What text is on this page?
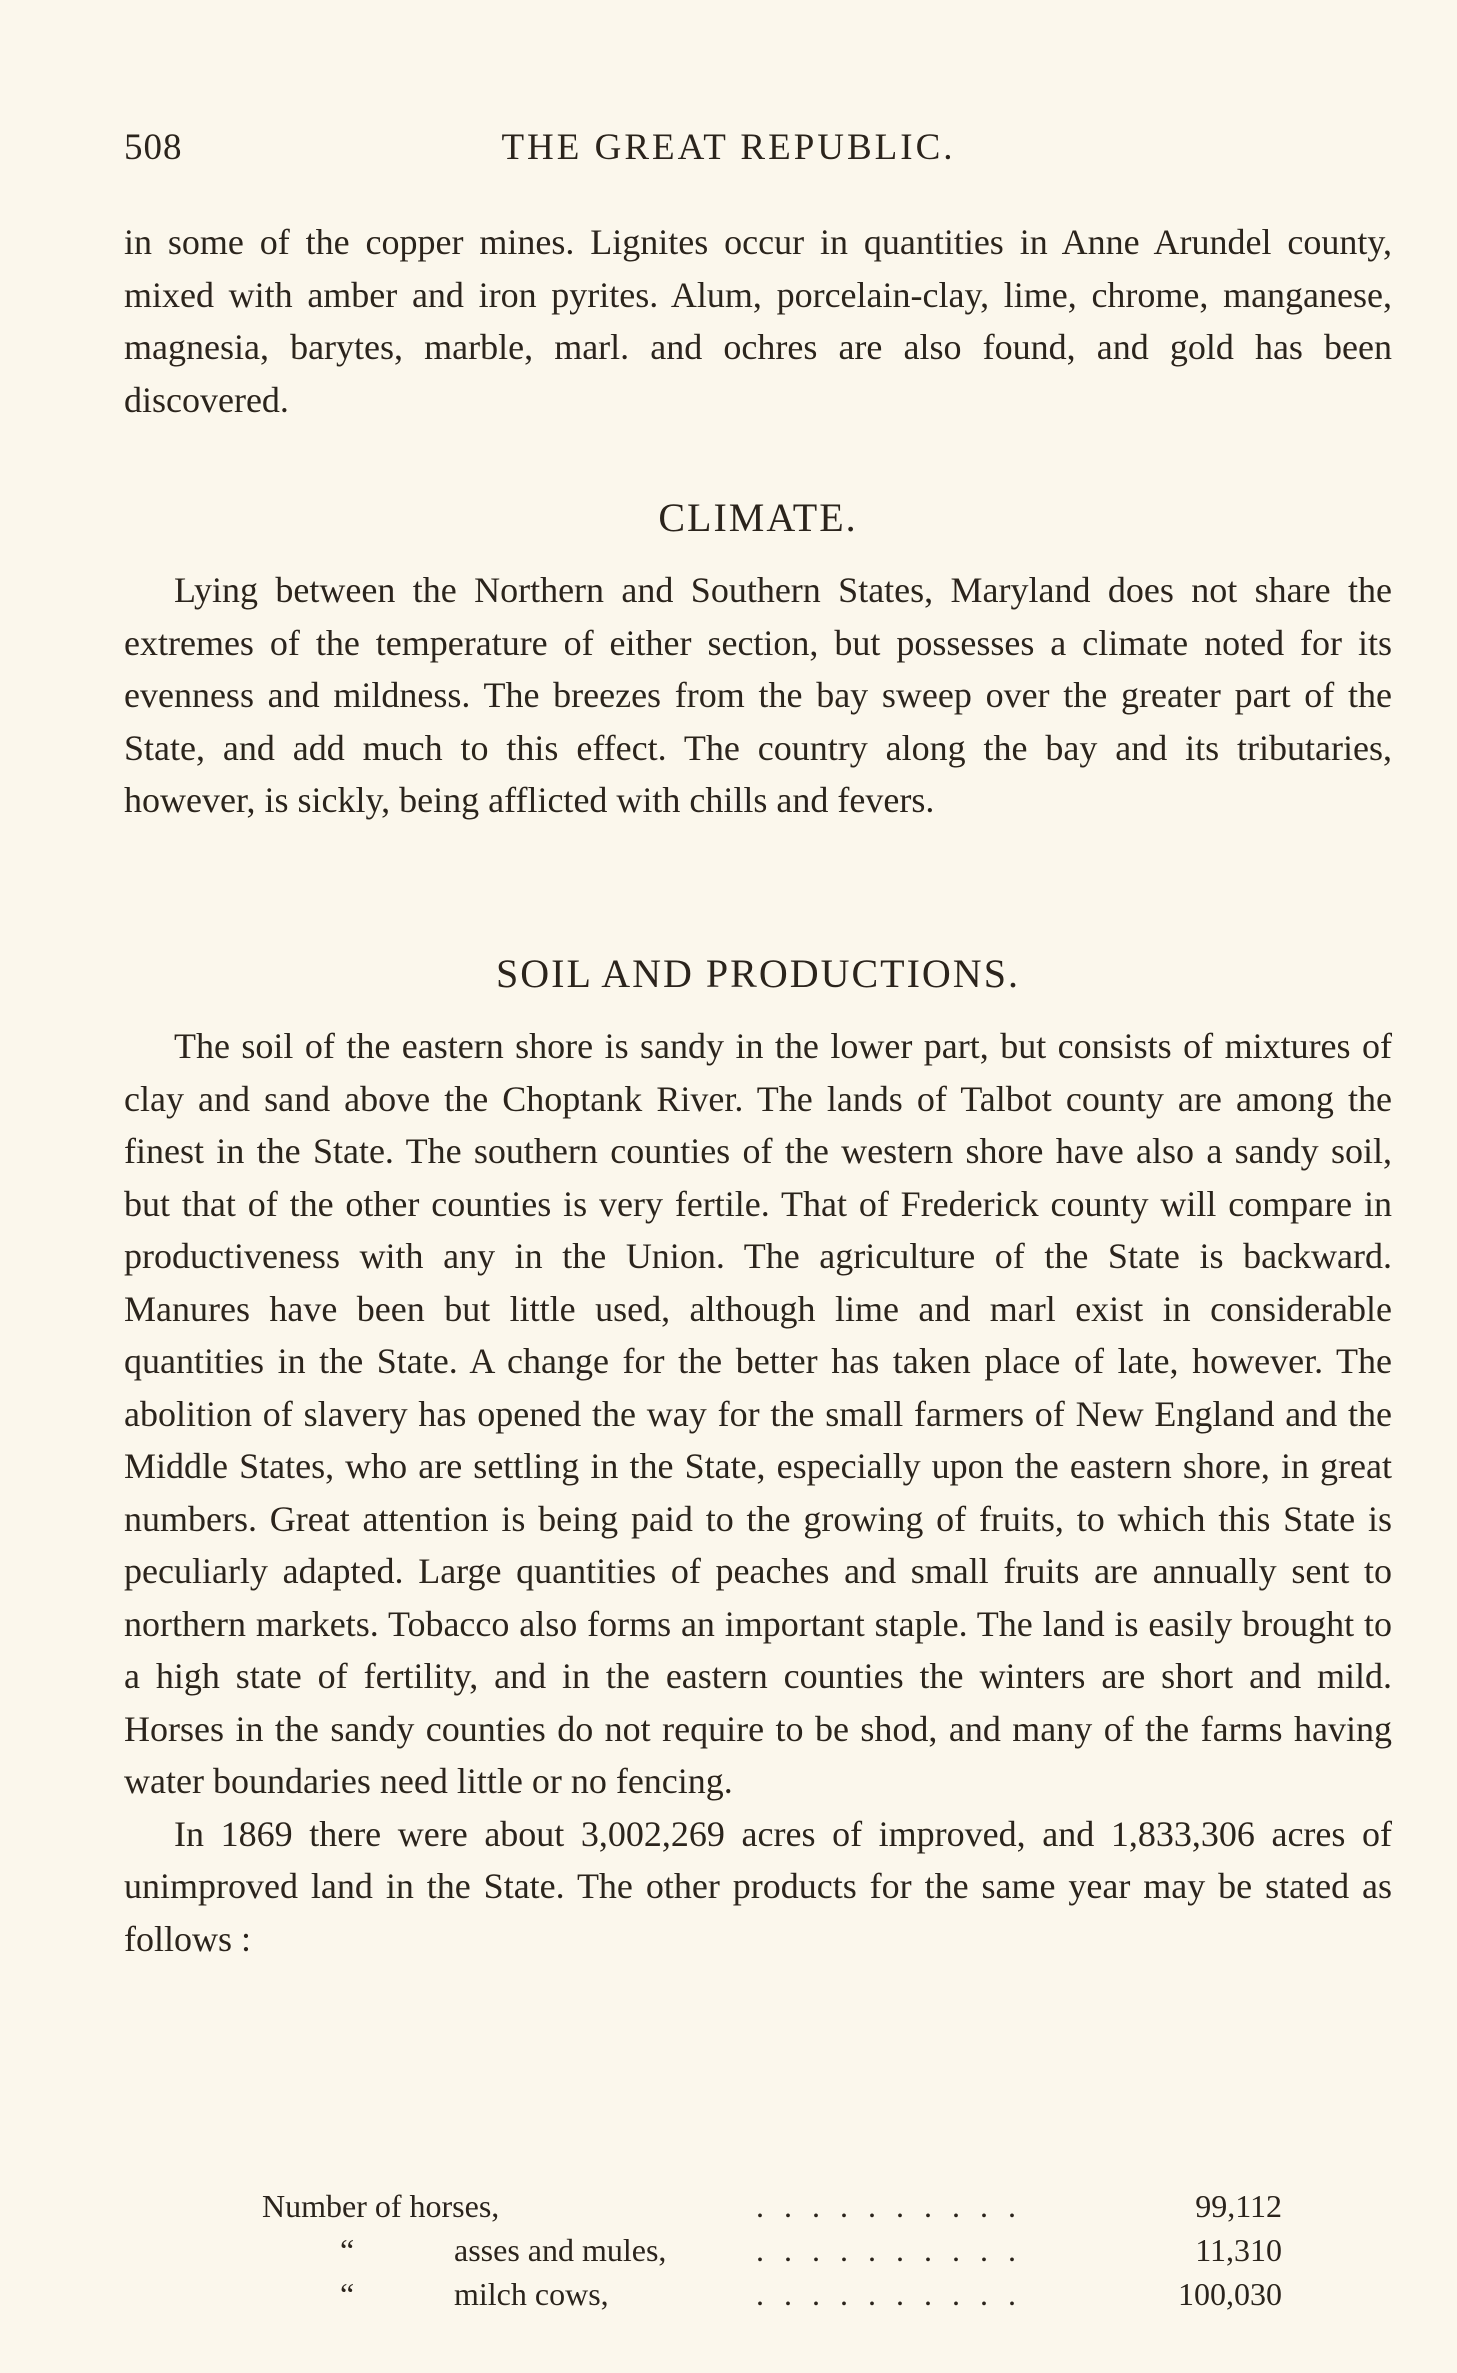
508	THE GREAT REPUBLIC.

in some of the copper mines. Lignites occur in quantities in Anne Arundel county, mixed with amber and iron pyrites. Alum, porcelain-clay, lime, chrome, manganese, magnesia, barytes, marble, marl. and ochres are also found, and gold has been discovered.

CLIMATE.

Lying between the Northern and Southern States, Maryland does not share the extremes of the temperature of either section, but possesses a climate noted for its evenness and mildness. The breezes from the bay sweep over the greater part of the State, and add much to this effect. The country along the bay and its tributaries, however, is sickly, being afflicted with chills and fevers.

SOIL AND PRODUCTIONS.

The soil of the eastern shore is sandy in the lower part, but consists of mixtures of clay and sand above the Choptank River. The lands of Talbot county are among the finest in the State. The southern counties of the western shore have also a sandy soil, but that of the other counties is very fertile. That of Frederick county will compare in productiveness with any in the Union. The agriculture of the State is backward. Manures have been but little used, although lime and marl exist in considerable quantities in the State. A change for the better has taken place of late, however. The abolition of slavery has opened the way for the small farmers of New England and the Middle States, who are settling in the State, especially upon the eastern shore, in great numbers. Great attention is being paid to the growing of fruits, to which this State is peculiarly adapted. Large quantities of peaches and small fruits are annually sent to northern markets. Tobacco also forms an important staple. The land is easily brought to a high state of fertility, and in the eastern counties the winters are short and mild. Horses in the sandy counties do not require to be shod, and many of the farms having water boundaries need little or no fencing.

In 1869 there were about 3,002,269 acres of improved, and 1,833,306 acres of unimproved land in the State. The other products for the same year may be stated as follows :

Number of horses,	. . . . . . . . . .	99,112
“	asses and mules,	. . . . . . . . . .	11,310
“	milch cows,	. . . . . . . . . .	100,030
